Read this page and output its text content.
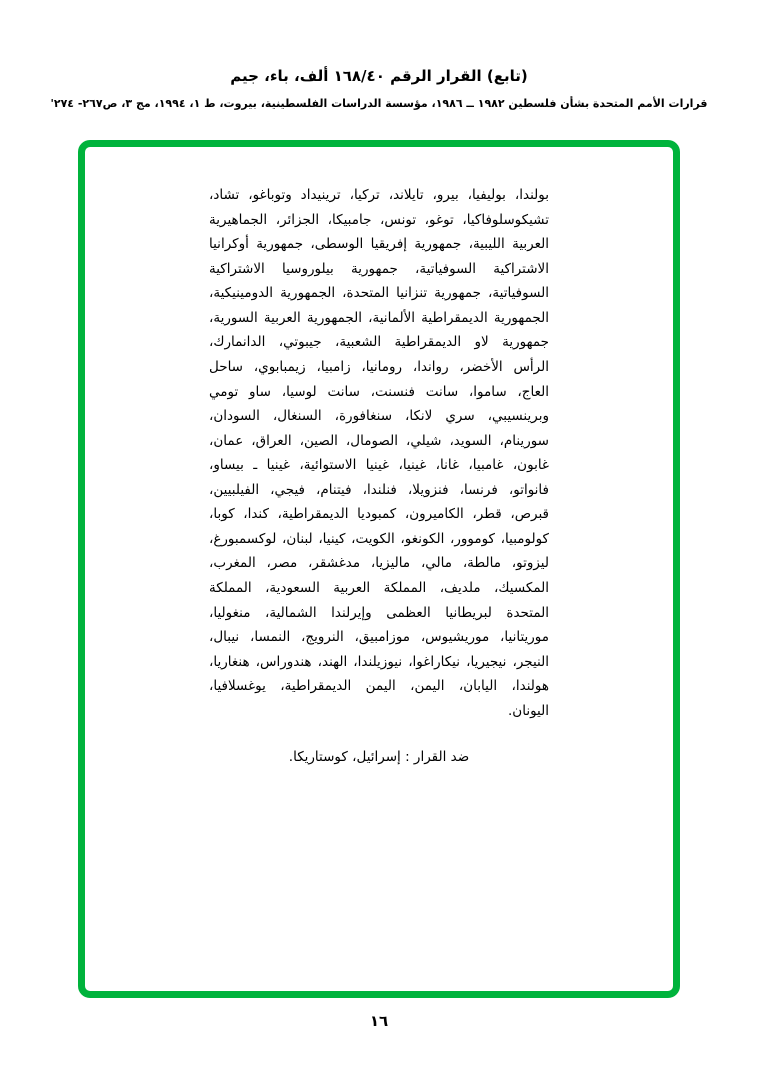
(تابع) القرار الرقم ١٦٨/٤٠ ألف، باء، جيم
قرارات الأمم المتحدة بشأن فلسطين ١٩٨٢ ــ ١٩٨٦، مؤسسة الدراسات الفلسطينية، بيروت، ط ١، ١٩٩٤، مج ٣، ص٢٦٧- ٢٧٤'

بولندا، بوليفيا، بيرو، تايلاند، تركيا، ترينيداد وتوباغو، تشاد، تشيكوسلوفاكيا، توغو، تونس، جامبيكا، الجزائر، الجماهيرية العربية الليبية، جمهورية إفريقيا الوسطى، جمهورية أوكرانيا الاشتراكية السوفياتية، جمهورية بيلوروسيا الاشتراكية السوفياتية، جمهورية تنزانيا المتحدة، الجمهورية الدومينيكية، الجمهورية الديمقراطية الألمانية، الجمهورية العربية السورية، جمهورية لاو الديمقراطية الشعبية، جيبوتي، الدانمارك، الرأس الأخضر، رواندا، رومانيا، زامبيا، زيمبابوي، ساحل العاج، ساموا، سانت فنسنت، سانت لوسيا، ساو تومي وبرينسيبي، سري لانكا، سنغافورة، السنغال، السودان، سورينام، السويد، شيلي، الصومال، الصين، العراق، عمان، غابون، غامبيا، غانا، غينيا، غينيا الاستوائية، غينيا ـ بيساو، فانواتو، فرنسا، فنزويلا، فنلندا، فيتنام، فيجي، الفيلبيين، قبرص، قطر، الكاميرون، كمبوديا الديمقراطية، كندا، كوبا، كولومبيا، كوموور، الكونغو، الكويت، كينيا، لبنان، لوكسمبورغ، ليزوتو، مالطة، مالي، ماليزيا، مدغشقر، مصر، المغرب، المكسيك، ملديف، المملكة العربية السعودية، المملكة المتحدة لبريطانيا العظمى وإيرلندا الشمالية، منغوليا، موريتانيا، موريشيوس، موزامبيق، النرويج، النمسا، نيبال، النيجر، نيجيريا، نيكاراغوا، نيوزيلندا، الهند، هندوراس، هنغاريا، هولندا، اليابان، اليمن، اليمن الديمقراطية، يوغسلافيا، اليونان.

ضد القرار : إسرائيل، كوستاريكا.

١٦
